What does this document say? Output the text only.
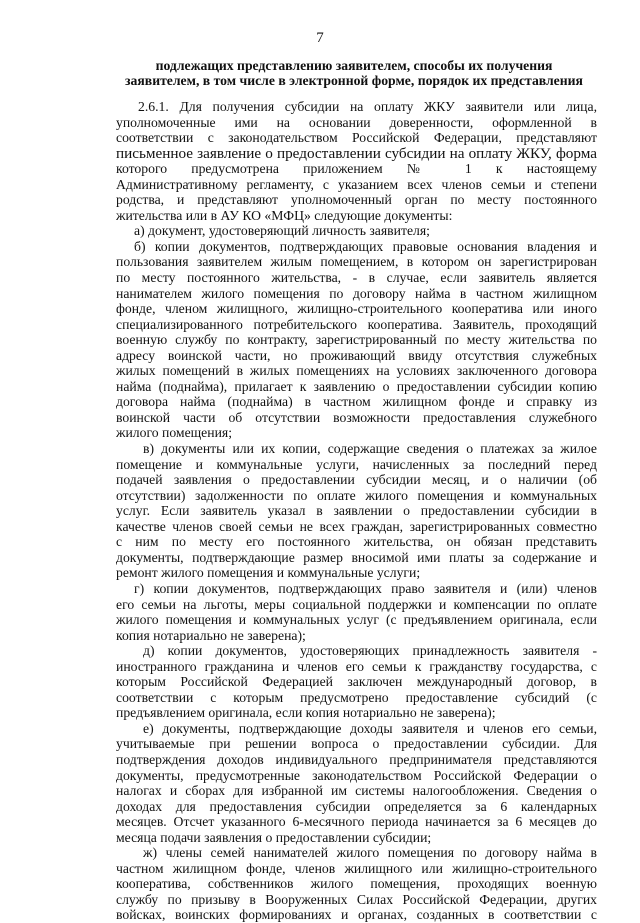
7
подлежащих представлению заявителем, способы их получения
заявителем, в том числе в электронной форме, порядок их представления
2.6.1. Для получения субсидии на оплату ЖКУ заявители или лица,
уполномоченные ими на основании доверенности, оформленной в
соответствии с законодательством Российской Федерации, представляют
письменное заявление о предоставлении субсидии на оплату ЖКУ, форма
которого предусмотрена приложением № 1 к настоящему
Административному регламенту, с указанием всех членов семьи и степени
родства, и представляют уполномоченный орган по месту постоянного
жительства или в АУ КО «МФЦ» следующие документы:
а) документ, удостоверяющий личность заявителя;
б) копии документов, подтверждающих правовые основания владения и
пользования заявителем жилым помещением, в котором он зарегистрирован
по месту постоянного жительства, - в случае, если заявитель является
нанимателем жилого помещения по договору найма в частном жилищном
фонде, членом жилищного, жилищно-строительного кооператива или иного
специализированного потребительского кооператива. Заявитель, проходящий
военную службу по контракту, зарегистрированный по месту жительства по
адресу воинской части, но проживающий ввиду отсутствия служебных
жилых помещений в жилых помещениях на условиях заключенного договора
найма (поднайма), прилагает к заявлению о предоставлении субсидии копию
договора найма (поднайма) в частном жилищном фонде и справку из
воинской части об отсутствии возможности предоставления служебного
жилого помещения;
в) документы или их копии, содержащие сведения о платежах за жилое
помещение и коммунальные услуги, начисленных за последний перед
подачей заявления о предоставлении субсидии месяц, и о наличии (об
отсутствии) задолженности по оплате жилого помещения и коммунальных
услуг. Если заявитель указал в заявлении о предоставлении субсидии в
качестве членов своей семьи не всех граждан, зарегистрированных совместно
с ним по месту его постоянного жительства, он обязан представить
документы, подтверждающие размер вносимой ими платы за содержание и
ремонт жилого помещения и коммунальные услуги;
г) копии документов, подтверждающих право заявителя и (или) членов
его семьи на льготы, меры социальной поддержки и компенсации по оплате
жилого помещения и коммунальных услуг (с предъявлением оригинала, если
копия нотариально не заверена);
д) копии документов, удостоверяющих принадлежность заявителя -
иностранного гражданина и членов его семьи к гражданству государства, с
которым Российской Федерацией заключен международный договор, в
соответствии с которым предусмотрено предоставление субсидий (с
предъявлением оригинала, если копия нотариально не заверена);
е) документы, подтверждающие доходы заявителя и членов его семьи,
учитываемые при решении вопроса о предоставлении субсидии. Для
подтверждения доходов индивидуального предпринимателя представляются
документы, предусмотренные законодательством Российской Федерации о
налогах и сборах для избранной им системы налогообложения. Сведения о
доходах для предоставления субсидии определяется за 6 календарных
месяцев. Отсчет указанного 6-месячного периода начинается за 6 месяцев до
месяца подачи заявления о предоставлении субсидии;
ж) члены семей нанимателей жилого помещения по договору найма в
частном жилищном фонде, членов жилищного или жилищно-строительного
кооператива, собственников жилого помещения, проходящих военную
службу по призыву в Вооруженных Силах Российской Федерации, других
войсках, воинских формированиях и органах, созданных в соответствии с
